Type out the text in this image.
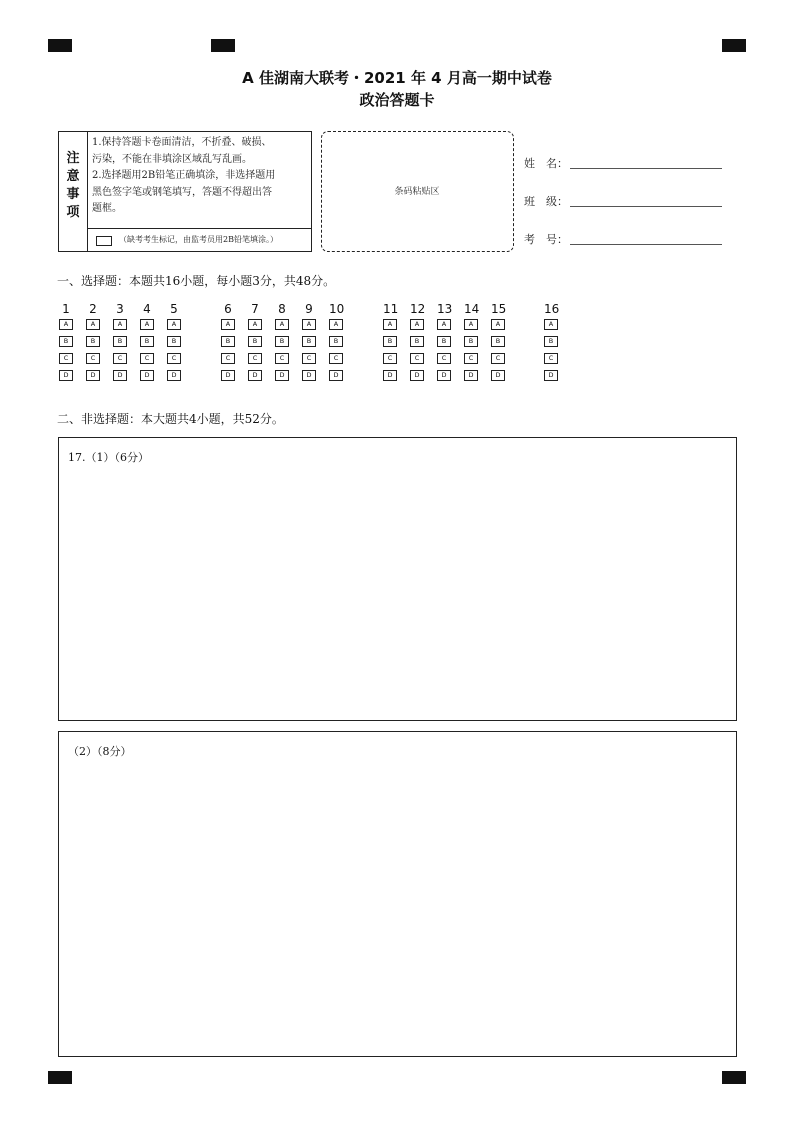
A 佳湖南大联考・2021 年 4 月高一期中试卷
政治答题卡
注
意
事
项
1.保持答题卡卷面清洁，不折叠、破损、
污染，不能在非填涂区域乱写乱画。
2.选择题用2B铅笔正确填涂，非选择题用
黑色签字笔或钢笔填写，答题不得超出答
题框。
（缺考考生标记，由监考员用2B铅笔填涂。）
条码粘贴区
姓　名：
班　级：
考　号：
一、选择题：本题共16小题，每小题3分，共48分。
1
A
B
C
D
2
A
B
C
D
3
A
B
C
D
4
A
B
C
D
5
A
B
C
D
6
A
B
C
D
7
A
B
C
D
8
A
B
C
D
9
A
B
C
D
10
A
B
C
D
11
A
B
C
D
12
A
B
C
D
13
A
B
C
D
14
A
B
C
D
15
A
B
C
D
16
A
B
C
D
二、非选择题：本大题共4小题，共52分。
17.（1）（6分）
（2）（8分）
